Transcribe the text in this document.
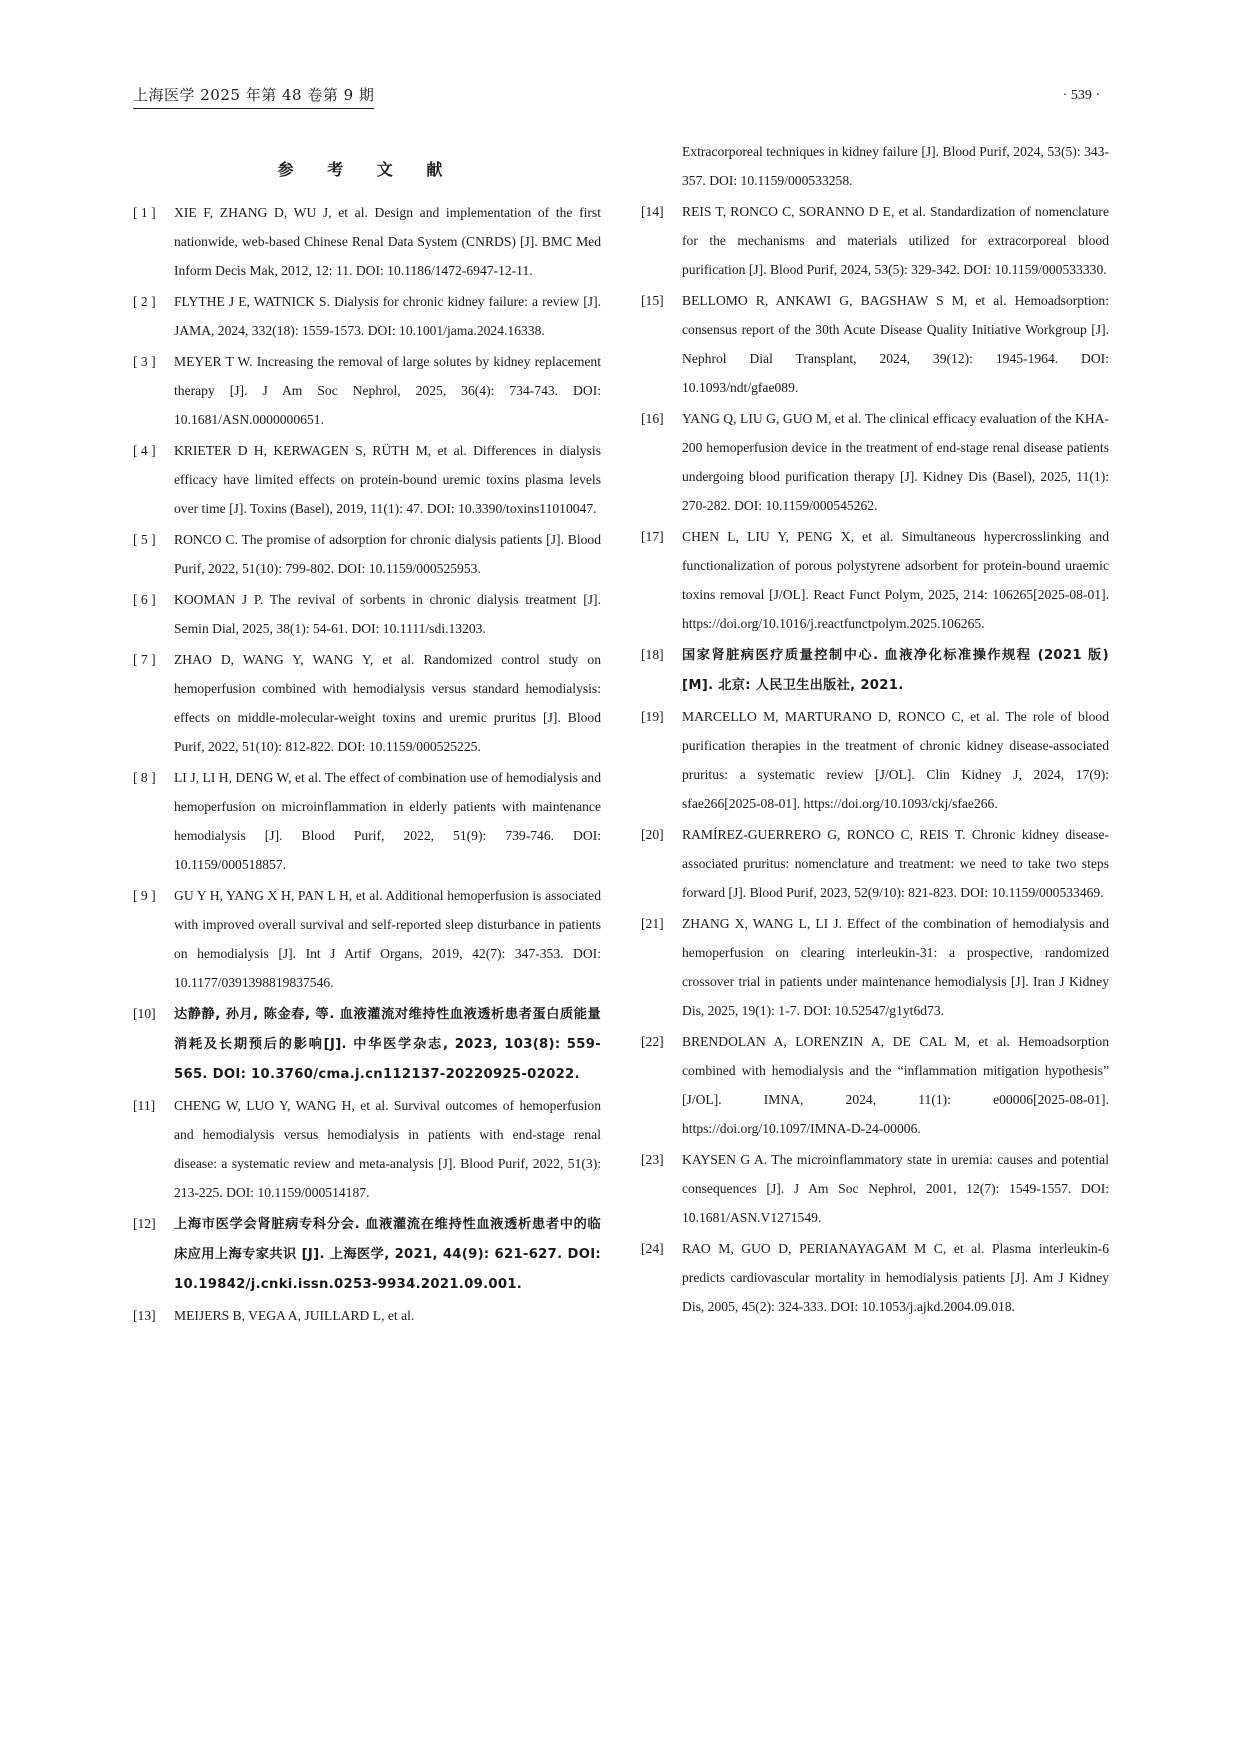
上海医学 2025 年第 48 卷第 9 期	· 539 ·
参 考 文 献
[ 1 ]	XIE F, ZHANG D, WU J, et al. Design and implementation of the first nationwide, web-based Chinese Renal Data System (CNRDS) [J]. BMC Med Inform Decis Mak, 2012, 12: 11. DOI: 10.1186/1472-6947-12-11.
[ 2 ]	FLYTHE J E, WATNICK S. Dialysis for chronic kidney failure: a review [J]. JAMA, 2024, 332(18): 1559-1573. DOI: 10.1001/jama.2024.16338.
[ 3 ]	MEYER T W. Increasing the removal of large solutes by kidney replacement therapy [J]. J Am Soc Nephrol, 2025, 36(4): 734-743. DOI: 10.1681/ASN.0000000651.
[ 4 ]	KRIETER D H, KERWAGEN S, RÜTH M, et al. Differences in dialysis efficacy have limited effects on protein-bound uremic toxins plasma levels over time [J]. Toxins (Basel), 2019, 11(1): 47. DOI: 10.3390/toxins11010047.
[ 5 ]	RONCO C. The promise of adsorption for chronic dialysis patients [J]. Blood Purif, 2022, 51(10): 799-802. DOI: 10.1159/000525953.
[ 6 ]	KOOMAN J P. The revival of sorbents in chronic dialysis treatment [J]. Semin Dial, 2025, 38(1): 54-61. DOI: 10.1111/sdi.13203.
[ 7 ]	ZHAO D, WANG Y, WANG Y, et al. Randomized control study on hemoperfusion combined with hemodialysis versus standard hemodialysis: effects on middle-molecular-weight toxins and uremic pruritus [J]. Blood Purif, 2022, 51(10): 812-822. DOI: 10.1159/000525225.
[ 8 ]	LI J, LI H, DENG W, et al. The effect of combination use of hemodialysis and hemoperfusion on microinflammation in elderly patients with maintenance hemodialysis [J]. Blood Purif, 2022, 51(9): 739-746. DOI: 10.1159/000518857.
[ 9 ]	GU Y H, YANG X H, PAN L H, et al. Additional hemoperfusion is associated with improved overall survival and self-reported sleep disturbance in patients on hemodialysis [J]. Int J Artif Organs, 2019, 42(7): 347-353. DOI: 10.1177/0391398819837546.
[10]	达静静, 孙月, 陈金春, 等. 血液灌流对维持性血液透析患者蛋白质能量消耗及长期预后的影响[J]. 中华医学杂志, 2023, 103(8): 559-565. DOI: 10.3760/cma.j.cn112137-20220925-02022.
[11]	CHENG W, LUO Y, WANG H, et al. Survival outcomes of hemoperfusion and hemodialysis versus hemodialysis in patients with end-stage renal disease: a systematic review and meta-analysis [J]. Blood Purif, 2022, 51(3): 213-225. DOI: 10.1159/000514187.
[12]	上海市医学会肾脏病专科分会. 血液灌流在维持性血液透析患者中的临床应用上海专家共识 [J]. 上海医学, 2021, 44(9): 621-627. DOI: 10.19842/j.cnki.issn.0253-9934.2021.09.001.
[13]	MEIJERS B, VEGA A, JUILLARD L, et al.
Extracorporeal techniques in kidney failure [J]. Blood Purif, 2024, 53(5): 343-357. DOI: 10.1159/000533258.
[14]	REIS T, RONCO C, SORANNO D E, et al. Standardization of nomenclature for the mechanisms and materials utilized for extracorporeal blood purification [J]. Blood Purif, 2024, 53(5): 329-342. DOI: 10.1159/000533330.
[15]	BELLOMO R, ANKAWI G, BAGSHAW S M, et al. Hemoadsorption: consensus report of the 30th Acute Disease Quality Initiative Workgroup [J]. Nephrol Dial Transplant, 2024, 39(12): 1945-1964. DOI: 10.1093/ndt/gfae089.
[16]	YANG Q, LIU G, GUO M, et al. The clinical efficacy evaluation of the KHA-200 hemoperfusion device in the treatment of end-stage renal disease patients undergoing blood purification therapy [J]. Kidney Dis (Basel), 2025, 11(1): 270-282. DOI: 10.1159/000545262.
[17]	CHEN L, LIU Y, PENG X, et al. Simultaneous hypercrosslinking and functionalization of porous polystyrene adsorbent for protein-bound uraemic toxins removal [J/OL]. React Funct Polym, 2025, 214: 106265[2025-08-01]. https://doi.org/10.1016/j.reactfunctpolym.2025.106265.
[18]	国家肾脏病医疗质量控制中心. 血液净化标准操作规程 (2021 版) [M]. 北京: 人民卫生出版社, 2021.
[19]	MARCELLO M, MARTURANO D, RONCO C, et al. The role of blood purification therapies in the treatment of chronic kidney disease-associated pruritus: a systematic review [J/OL]. Clin Kidney J, 2024, 17(9): sfae266[2025-08-01]. https://doi.org/10.1093/ckj/sfae266.
[20]	RAMÍREZ-GUERRERO G, RONCO C, REIS T. Chronic kidney disease-associated pruritus: nomenclature and treatment: we need to take two steps forward [J]. Blood Purif, 2023, 52(9/10): 821-823. DOI: 10.1159/000533469.
[21]	ZHANG X, WANG L, LI J. Effect of the combination of hemodialysis and hemoperfusion on clearing interleukin-31: a prospective, randomized crossover trial in patients under maintenance hemodialysis [J]. Iran J Kidney Dis, 2025, 19(1): 1-7. DOI: 10.52547/g1yt6d73.
[22]	BRENDOLAN A, LORENZIN A, DE CAL M, et al. Hemoadsorption combined with hemodialysis and the “inflammation mitigation hypothesis” [J/OL]. IMNA, 2024, 11(1): e00006[2025-08-01]. https://doi.org/10.1097/IMNA-D-24-00006.
[23]	KAYSEN G A. The microinflammatory state in uremia: causes and potential consequences [J]. J Am Soc Nephrol, 2001, 12(7): 1549-1557. DOI: 10.1681/ASN.V1271549.
[24]	RAO M, GUO D, PERIANAYAGAM M C, et al. Plasma interleukin-6 predicts cardiovascular mortality in hemodialysis patients [J]. Am J Kidney Dis, 2005, 45(2): 324-333. DOI: 10.1053/j.ajkd.2004.09.018.
